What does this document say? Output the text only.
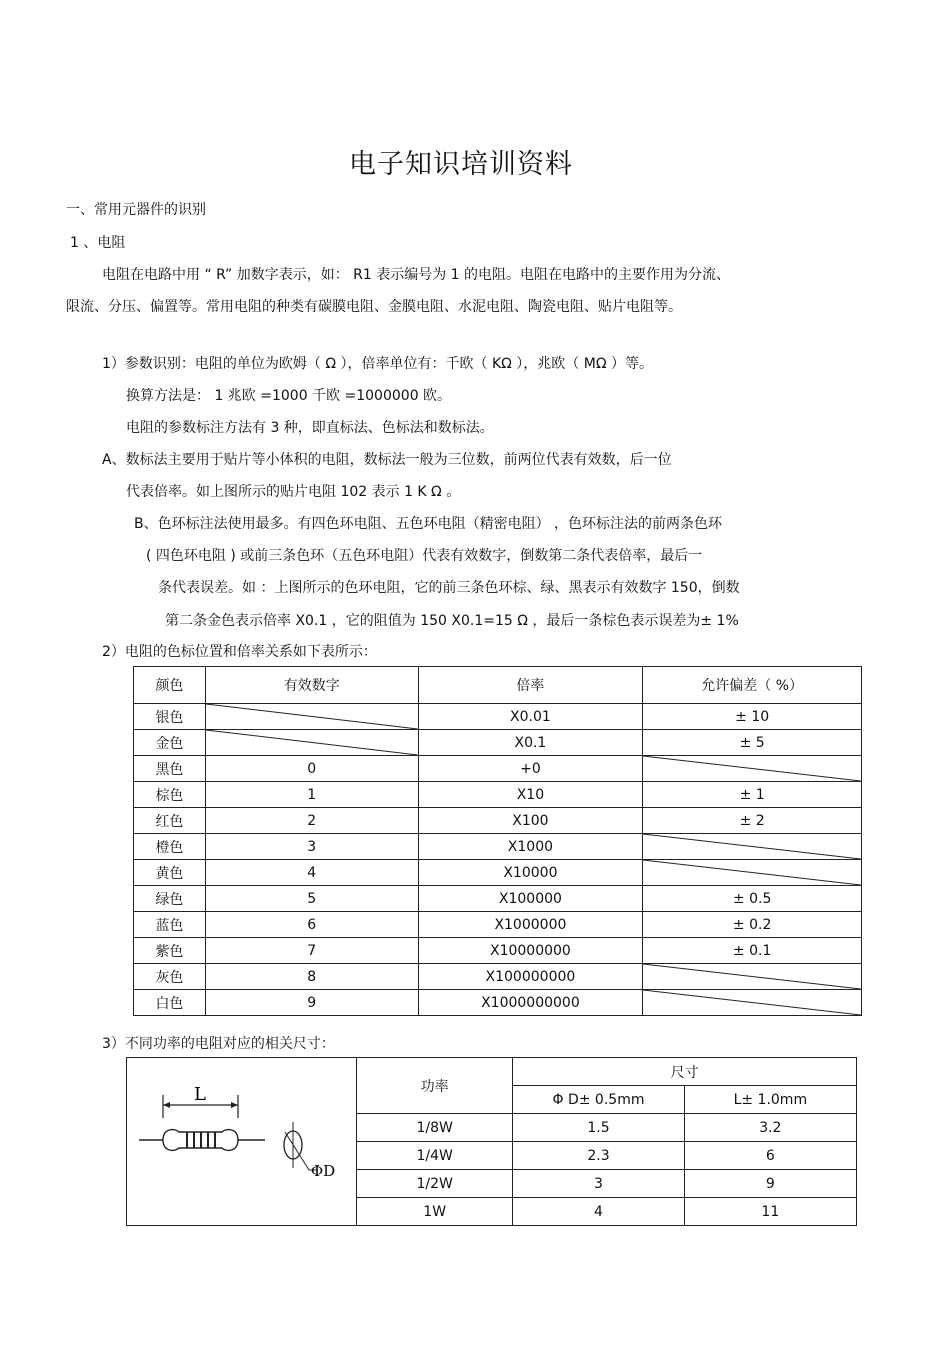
电子知识培训资料
一、常用元器件的识别
1 、电阻
电阻在电路中用 “ R” 加数字表示，如： R1 表示编号为 1 的电阻。电阻在电路中的主要作用为分流、
限流、分压、偏置等。常用电阻的种类有碳膜电阻、金膜电阻、水泥电阻、陶瓷电阻、贴片电阻等。
1）参数识别：电阻的单位为欧姆（ Ω ），倍率单位有：千欧（ KΩ ），兆欧（ MΩ ）等。
换算方法是： 1 兆欧 =1000 千欧 =1000000 欧。
电阻的参数标注方法有 3 种，即直标法、色标法和数标法。
A、数标法主要用于贴片等小体积的电阻，数标法一般为三位数，前两位代表有效数，后一位
代表倍率。如上图所示的贴片电阻 102 表示 1 K Ω 。
B、色环标注法使用最多。有四色环电阻、五色环电阻（精密电阻） ，色环标注法的前两条色环
( 四色环电阻 ) 或前三条色环（五色环电阻）代表有效数字，倒数第二条代表倍率，最后一
条代表误差。如 ：上图所示的色环电阻，它的前三条色环棕、绿、黑表示有效数字 150，倒数
第二条金色表示倍率 X0.1 ，它的阻值为 150 X0.1=15 Ω ，最后一条棕色表示误差为± 1%
2）电阻的色标位置和倍率关系如下表所示：
颜色	有效数字	倍率	允许偏差（ %）
银色		X0.01	± 10
金色		X0.1	± 5
黑色	0	+0	

棕色	1	X10	± 1
红色	2	X100	± 2
橙色	3	X1000	

黄色	4	X10000	

绿色	5	X100000	± 0.5
蓝色	6	X1000000	± 0.2
紫色	7	X10000000	± 0.1
灰色	8	X100000000	

白色	9	X1000000000	
3）不同功率的电阻对应的相关尺寸：
L
ΦD	功率	尺寸	
		Φ D± 0.5mm	L± 1.0mm
	1/8W	1.5	3.2
	1/4W	2.3	6
	1/2W	3	9
	1W	4	11
